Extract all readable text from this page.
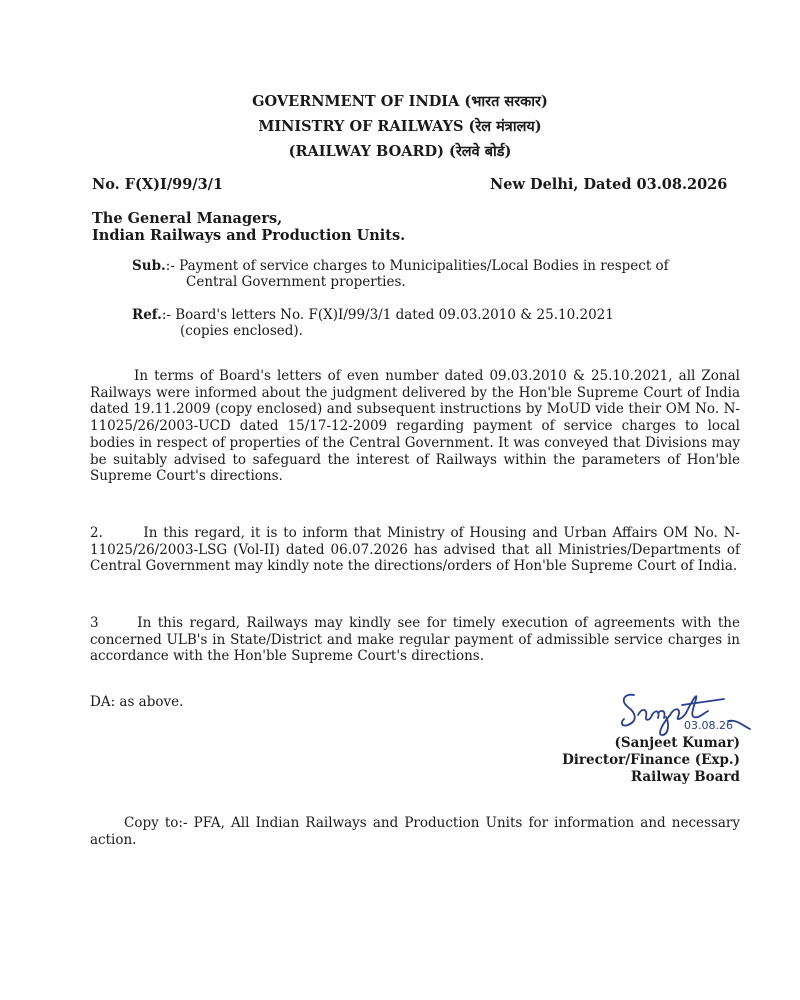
GOVERNMENT OF INDIA (भारत सरकार)
MINISTRY OF RAILWAYS (रेल मंत्रालय)
(RAILWAY BOARD) (रेलवे बोर्ड)
No. F(X)I/99/3/1	New Delhi, Dated 03.08.2026
The General Managers,
Indian Railways and Production Units.
Sub.:- Payment of service charges to Municipalities/Local Bodies in respect of
Central Government properties.
Ref.:- Board's letters No. F(X)I/99/3/1 dated 09.03.2010 & 25.10.2021
(copies enclosed).
In terms of Board's letters of even number dated 09.03.2010 & 25.10.2021, all Zonal Railways were informed about the judgment delivered by the Hon'ble Supreme Court of India dated 19.11.2009 (copy enclosed) and subsequent instructions by MoUD vide their OM No. N-11025/26/2003-UCD dated 15/17-12-2009 regarding payment of service charges to local bodies in respect of properties of the Central Government. It was conveyed that Divisions may be suitably advised to safeguard the interest of Railways within the parameters of Hon'ble Supreme Court's directions.
2.	In this regard, it is to inform that Ministry of Housing and Urban Affairs OM No. N-11025/26/2003-LSG (Vol-II) dated 06.07.2026 has advised that all Ministries/Departments of Central Government may kindly note the directions/orders of Hon'ble Supreme Court of India.
3	In this regard, Railways may kindly see for timely execution of agreements with the concerned ULB's in State/District and make regular payment of admissible service charges in accordance with the Hon'ble Supreme Court's directions.
DA: as above.
03.08.26
(Sanjeet Kumar)
Director/Finance (Exp.)
Railway Board
Copy to:- PFA, All Indian Railways and Production Units for information and necessary action.
